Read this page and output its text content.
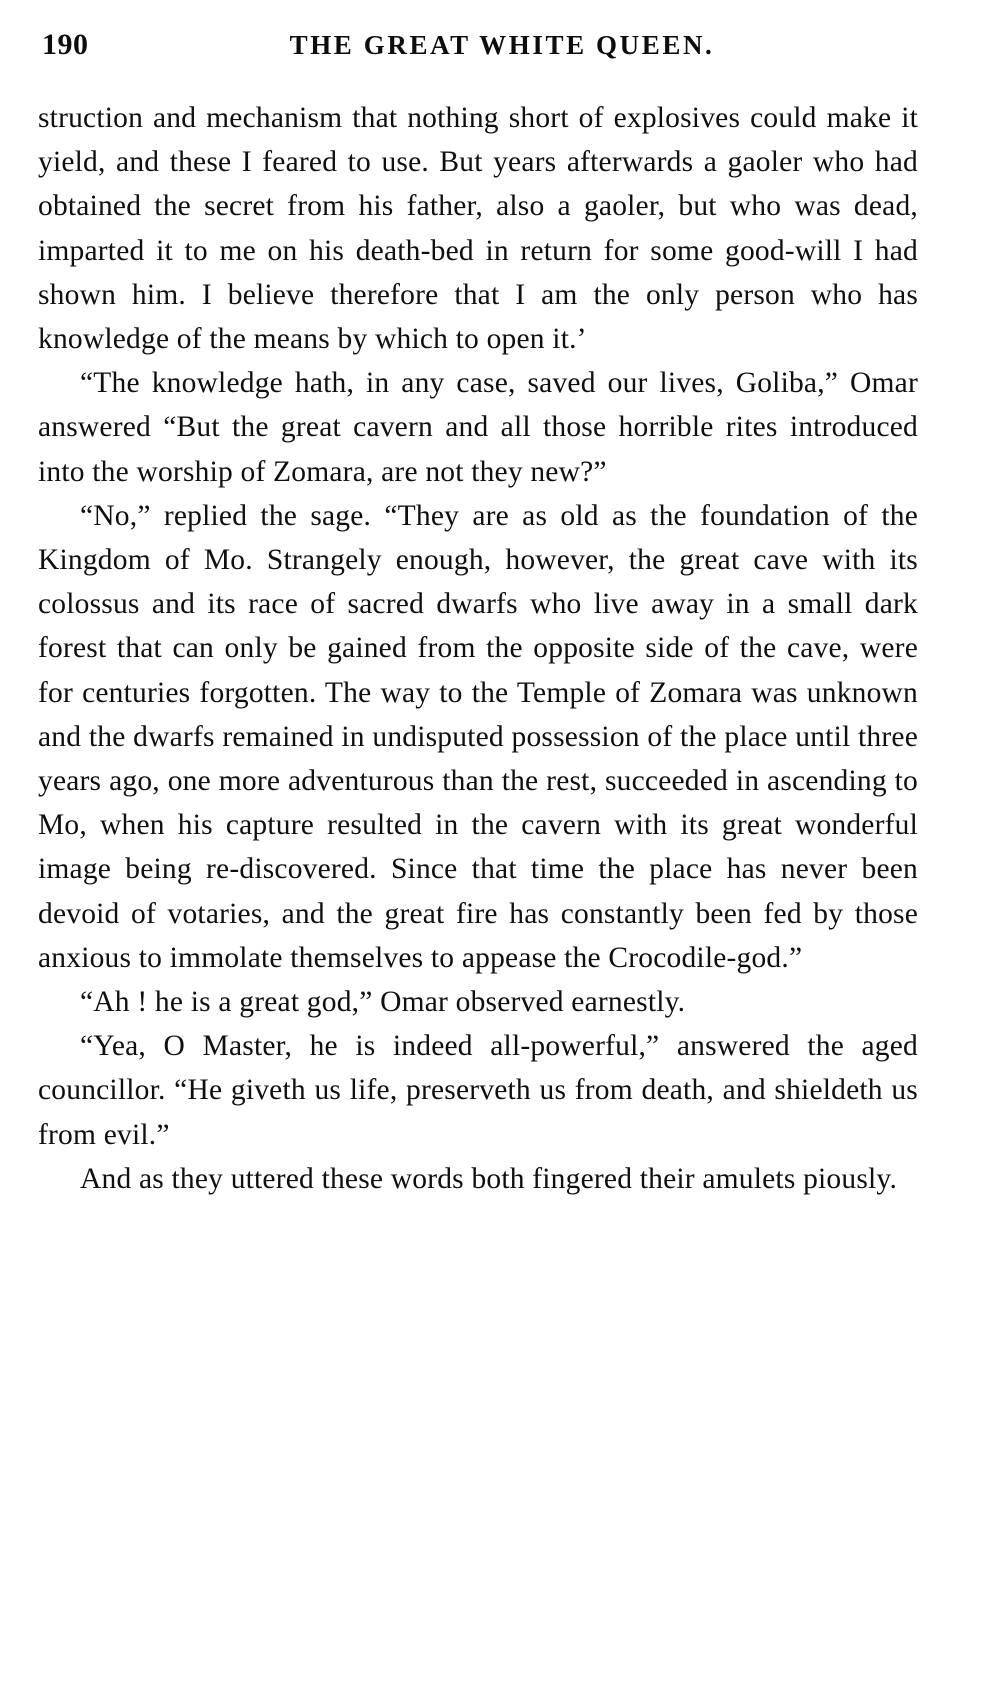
190	THE GREAT WHITE QUEEN.

struction and mechanism that nothing short of explosives could make it yield, and these I feared to use. But years afterwards a gaoler who had obtained the secret from his father, also a gaoler, but who was dead, imparted it to me on his death-bed in return for some good-will I had shown him. I believe therefore that I am the only person who has knowledge of the means by which to open it.’

“The knowledge hath, in any case, saved our lives, Goliba,” Omar answered “But the great cavern and all those horrible rites introduced into the worship of Zomara, are not they new?”

“No,” replied the sage. “They are as old as the foundation of the Kingdom of Mo. Strangely enough, however, the great cave with its colossus and its race of sacred dwarfs who live away in a small dark forest that can only be gained from the opposite side of the cave, were for centuries forgotten. The way to the Temple of Zomara was unknown and the dwarfs remained in undisputed possession of the place until three years ago, one more adventurous than the rest, succeeded in ascending to Mo, when his capture resulted in the cavern with its great wonderful image being re-discovered. Since that time the place has never been devoid of votaries, and the great fire has constantly been fed by those anxious to immolate themselves to appease the Crocodile-god.”

“Ah ! he is a great god,” Omar observed earnestly.

“Yea, O Master, he is indeed all-powerful,” answered the aged councillor. “He giveth us life, preserveth us from death, and shieldeth us from evil.”

And as they uttered these words both fingered their amulets piously.
